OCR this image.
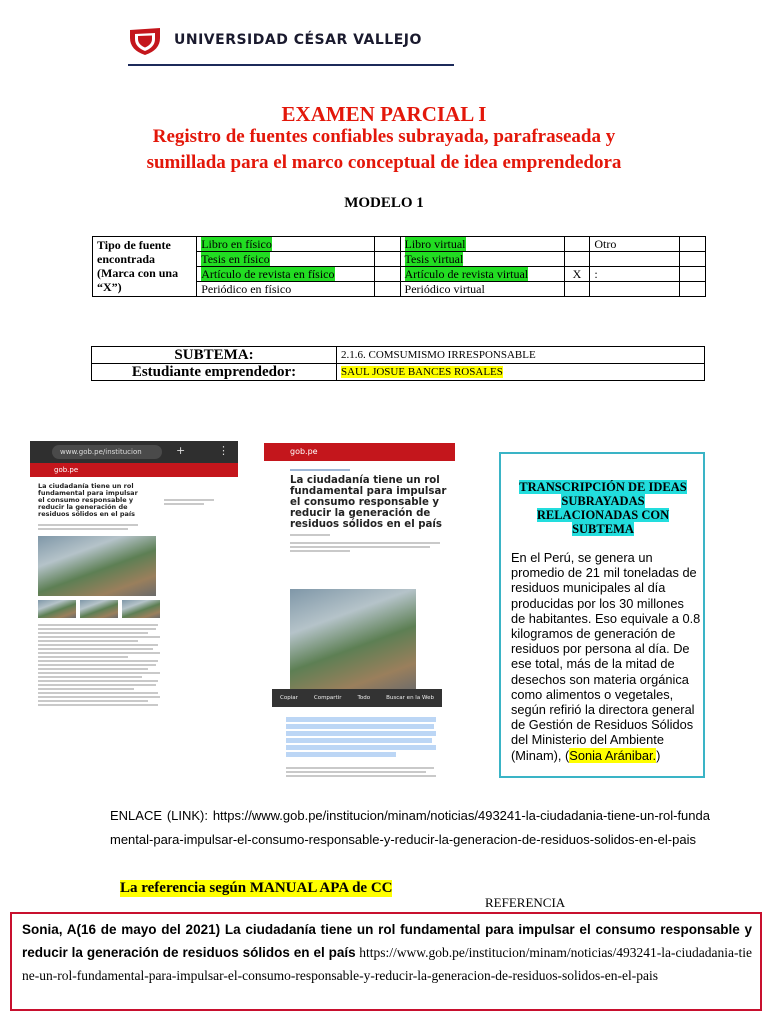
UNIVERSIDAD CÉSAR VALLEJO
EXAMEN PARCIAL I
Registro de fuentes confiables subrayada, parafraseada y
sumillada para el marco conceptual de idea emprendedora
MODELO 1
Tipo de fuente encontrada (Marca con una “X”)	Libro en físico		Libro virtual		Otro	
	Tesis en físico		Tesis virtual			
	Artículo de revista en físico		Artículo de revista virtual	X	:	
	Periódico en físico		Periódico virtual			
SUBTEMA:	2.1.6. COMSUMISMO IRRESPONSABLE
Estudiante emprendedor:	SAUL JOSUE BANCES ROSALES
www.gob.pe/institucion	+	⋮
gob.pe
La ciudadanía tiene un rol fundamental para impulsar el consumo responsable y reducir la generación de residuos sólidos en el país
gob.pe
La ciudadanía tiene un rol fundamental para impulsar el consumo responsable y reducir la generación de residuos sólidos en el país
Copiar	Compartir	Todo	Buscar en la Web
TRANSCRIPCIÓN DE IDEAS SUBRAYADAS RELACIONADAS CON SUBTEMA
En el Perú, se genera un promedio de 21 mil toneladas de residuos municipales al día producidas por los 30 millones de habitantes. Eso equivale a 0.8 kilogramos de generación de residuos por persona al día. De ese total, más de la mitad de desechos son materia orgánica como alimentos o vegetales, según refirió la directora general de Gestión de Residuos Sólidos del Ministerio del Ambiente (Minam), (Sonia Aránibar.)
ENLACE (LINK): https://www.gob.pe/institucion/minam/noticias/493241-la-ciudadania-tiene-un-rol-fundamental-para-impulsar-el-consumo-responsable-y-reducir-la-generacion-de-residuos-solidos-en-el-pais
La referencia según MANUAL APA de CC
REFERENCIA
Sonia, A(16 de mayo del 2021) La ciudadanía tiene un rol fundamental para impulsar el consumo responsable y reducir la generación de residuos sólidos en el país https://www.gob.pe/institucion/minam/noticias/493241-la-ciudadania-tiene-un-rol-fundamental-para-impulsar-el-consumo-responsable-y-reducir-la-generacion-de-residuos-solidos-en-el-pais
